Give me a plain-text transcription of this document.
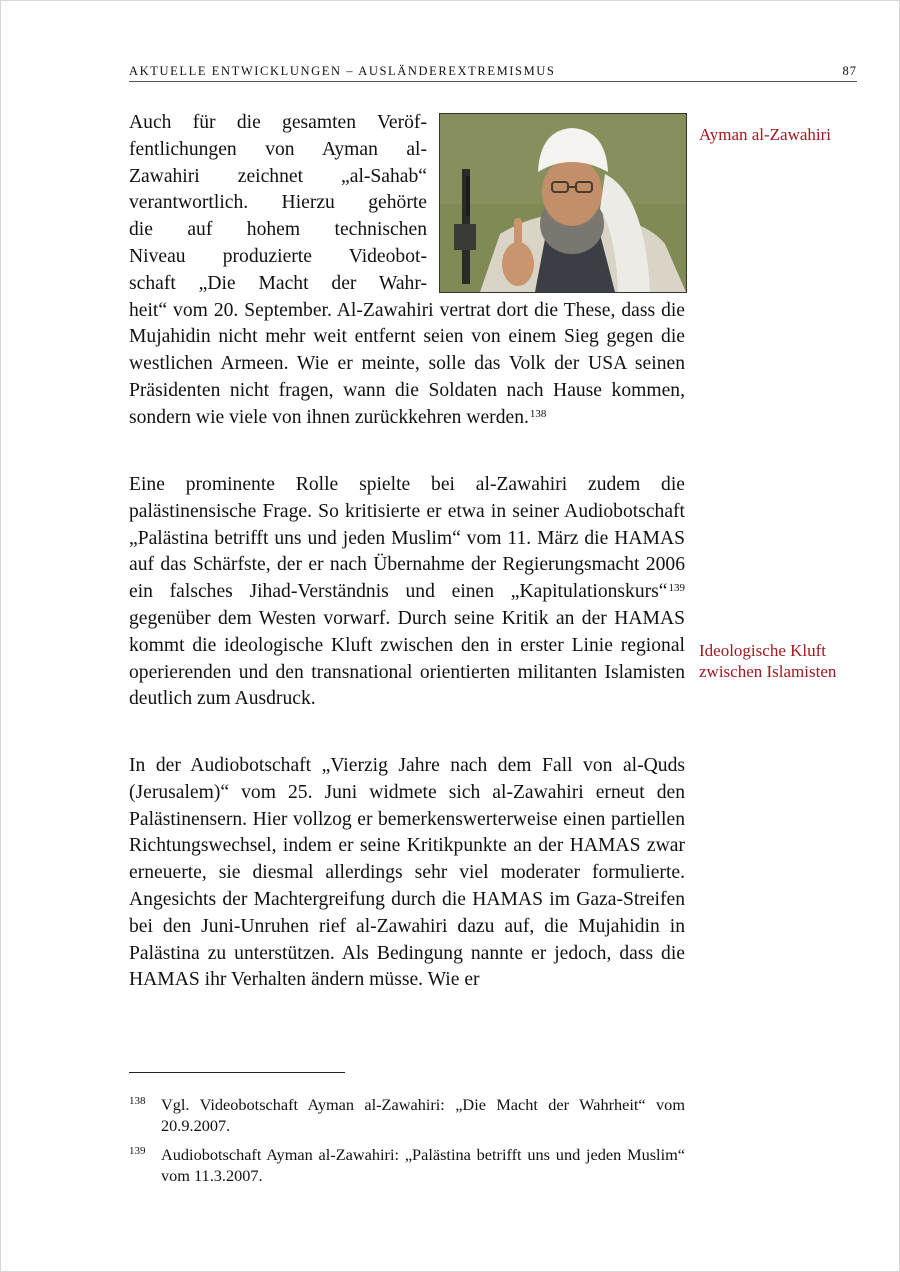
AKTUELLE ENTWICKLUNGEN – AUSLÄNDEREXTREMISMUS	87
Ayman al-Zawahiri
Ideologische Kluft
zwischen Islamisten

Auch für die gesamten Veröf-

fentlichungen von Ayman al-

Zawahiri zeichnet „al-Sahab“

verantwortlich. Hierzu gehörte

die auf hohem technischen

Niveau produzierte Videobot-

schaft „Die Macht der Wahr-

heit“ vom 20. September. Al-Zawahiri vertrat dort die These, dass die Mujahidin nicht mehr weit entfernt seien von einem Sieg gegen die westlichen Armeen. Wie er meinte, solle das Volk der USA seinen Präsidenten nicht fragen, wann die Soldaten nach Hause kommen, sondern wie viele von ihnen zurückkehren werden.$^{138}$

Eine prominente Rolle spielte bei al-Zawahiri zudem die palästinensische Frage. So kritisierte er etwa in seiner Audiobotschaft „Palästina betrifft uns und jeden Muslim“ vom 11. März die HAMAS auf das Schärfste, der er nach Übernahme der Regierungsmacht 2006 ein falsches Jihad-Verständnis und einen „Kapitulationskurs“$^{139}$ gegenüber dem Westen vorwarf. Durch seine Kritik an der HAMAS kommt die ideologische Kluft zwischen den in erster Linie regional operierenden und den transnational orientierten militanten Islamisten deutlich zum Ausdruck.

In der Audiobotschaft „Vierzig Jahre nach dem Fall von al-Quds (Jerusalem)“ vom 25. Juni widmete sich al-Zawahiri erneut den Palästinensern. Hier vollzog er bemerkenswerterweise einen partiellen Richtungswechsel, indem er seine Kritikpunkte an der HAMAS zwar erneuerte, sie diesmal allerdings sehr viel moderater formulierte. Angesichts der Machtergreifung durch die HAMAS im Gaza-Streifen bei den Juni-Unruhen rief al-Zawahiri dazu auf, die Mujahidin in Palästina zu unterstützen. Als Bedingung nannte er jedoch, dass die HAMAS ihr Verhalten ändern müsse. Wie er

138 Vgl. Videobotschaft Ayman al-Zawahiri: „Die Macht der Wahrheit“ vom 20.9.2007.
139 Audiobotschaft Ayman al-Zawahiri: „Palästina betrifft uns und jeden Muslim“ vom 11.3.2007.
